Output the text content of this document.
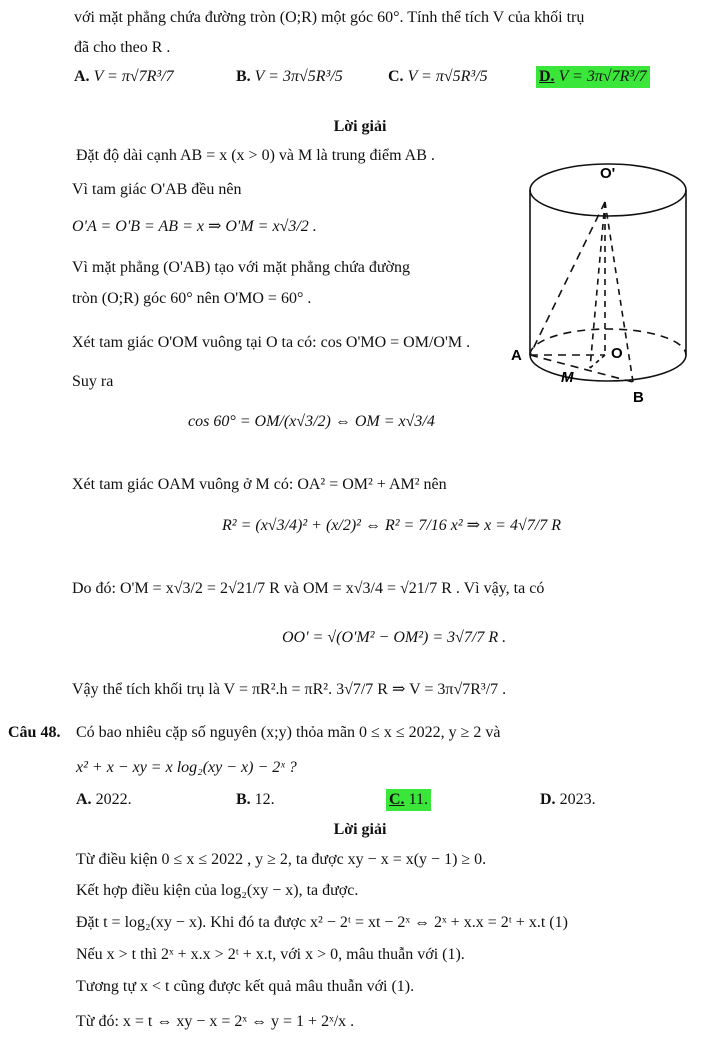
với mặt phẳng chứa đường tròn (O;R) một góc 60°. Tính thể tích V của khối trụ
đã cho theo R .
A. V = π√7R³/7	B. V = 3π√5R³/5	C. V = π√5R³/5	D. V = 3π√7R³/7
Lời giải
Đặt độ dài cạnh AB = x (x > 0) và M là trung điểm AB .
Vì tam giác O'AB đều nên
O'A = O'B = AB = x ⇒ O'M = x√3/2 .
Vì mặt phẳng (O'AB) tạo với mặt phẳng chứa đường
tròn (O;R) góc 60° nên O'MO = 60° .
Xét tam giác O'OM vuông tại O ta có: cos O'MO = OM/O'M .
Suy ra
cos 60° = OM/(x√3/2) ⇔ OM = x√3/4
Xét tam giác OAM vuông ở M có: OA² = OM² + AM² nên
R² = (x√3/4)² + (x/2)² ⇔ R² = 7/16 x² ⇒ x = 4√7/7 R
Do đó: O'M = x√3/2 = 2√21/7 R và OM = x√3/4 = √21/7 R . Vì vậy, ta có
OO' = √(O'M² − OM²) = 3√7/7 R .
Vậy thể tích khối trụ là V = πR².h = πR². 3√7/7 R ⇒ V = 3π√7R³/7 .
O'
A	O
M
B
Câu 48. Có bao nhiêu cặp số nguyên (x;y) thỏa mãn 0 ≤ x ≤ 2022, y ≥ 2 và
x² + x − xy = x log₂(xy − x) − 2ˣ ?
A. 2022.	B. 12.	C. 11.	D. 2023.
Lời giải
Từ điều kiện 0 ≤ x ≤ 2022 , y ≥ 2, ta được xy − x = x(y − 1) ≥ 0.
Kết hợp điều kiện của log₂(xy − x), ta được.
Đặt t = log₂(xy − x). Khi đó ta được x² − 2ᵗ = xt − 2ˣ ⇔ 2ˣ + x.x = 2ᵗ + x.t (1)
Nếu x > t thì 2ˣ + x.x > 2ᵗ + x.t, với x > 0, mâu thuẫn với (1).
Tương tự x < t cũng được kết quả mâu thuẫn với (1).
Từ đó: x = t ⇔ xy − x = 2ˣ ⇔ y = 1 + 2ˣ/x .
